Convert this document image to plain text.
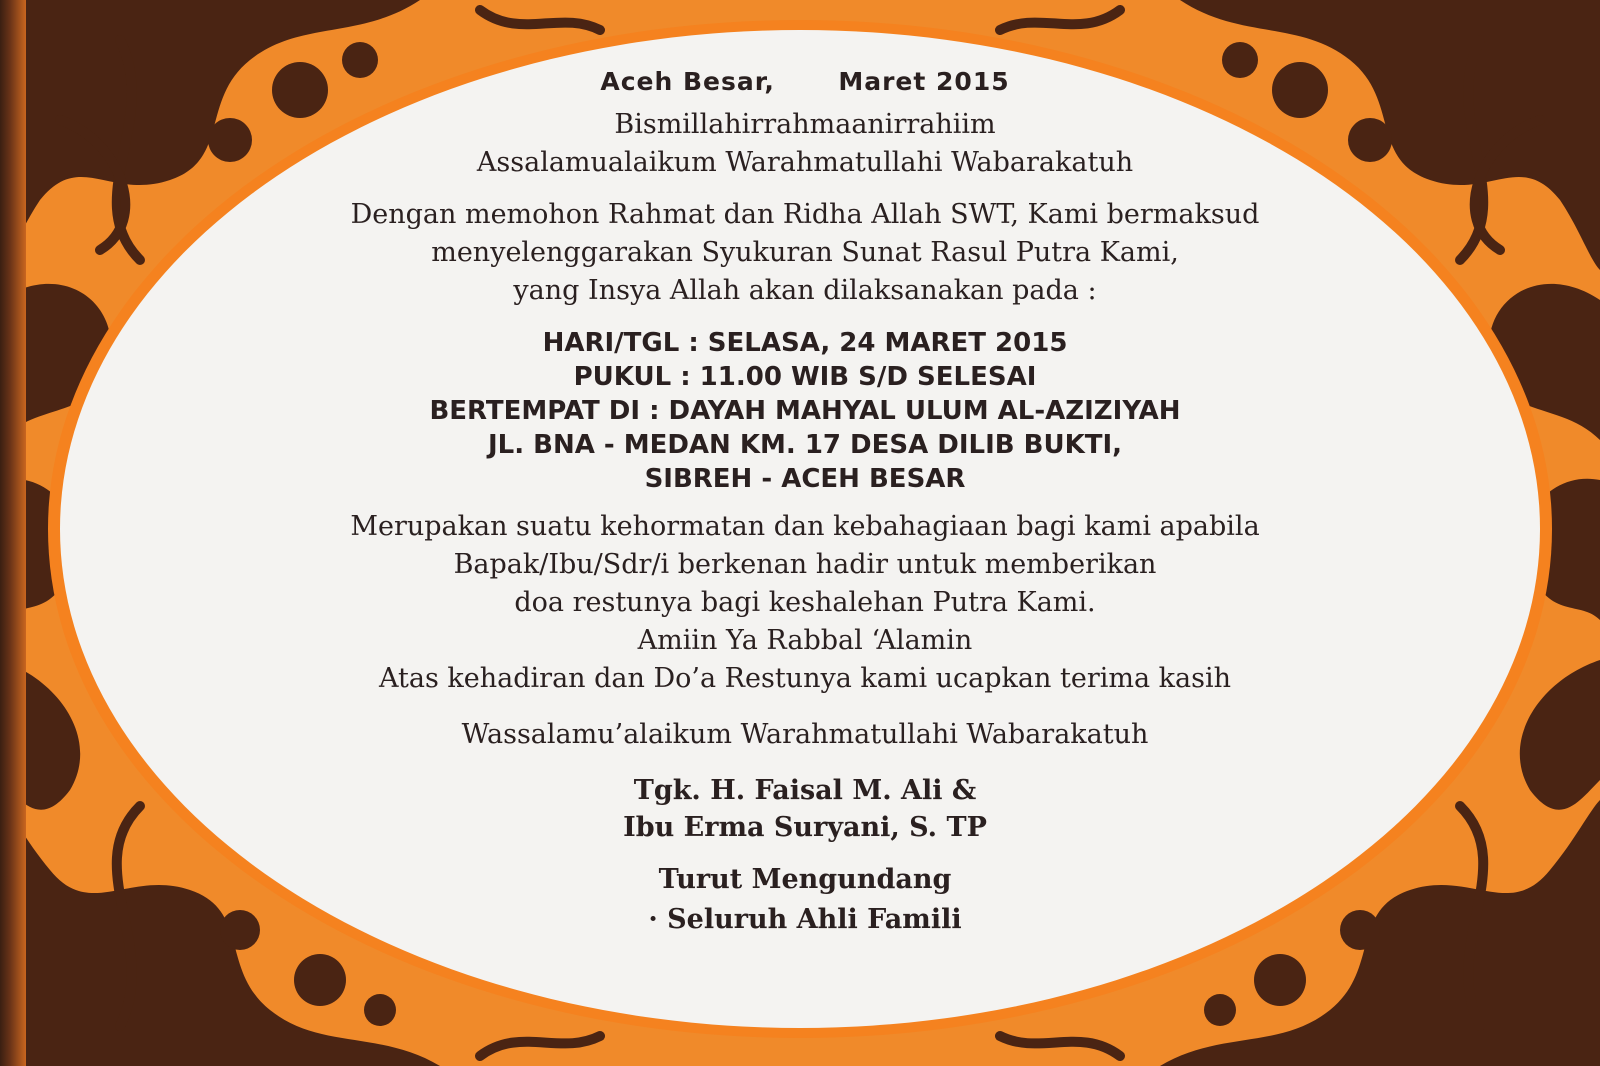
Aceh Besar,	Maret 2015

Bismillahirrahmaanirrahiim

Assalamualaikum Warahmatullahi Wabarakatuh

Dengan memohon Rahmat dan Ridha Allah SWT, Kami bermaksud

menyelenggarakan Syukuran Sunat Rasul Putra Kami,

yang Insya Allah akan dilaksanakan pada :

HARI/TGL : SELASA, 24 MARET 2015
PUKUL : 11.00 WIB S/D SELESAI
BERTEMPAT DI : DAYAH MAHYAL ULUM AL-AZIZIYAH
JL. BNA - MEDAN KM. 17 DESA DILIB BUKTI,
SIBREH - ACEH BESAR

Merupakan suatu kehormatan dan kebahagiaan bagi kami apabila

Bapak/Ibu/Sdr/i berkenan hadir untuk memberikan

doa restunya bagi keshalehan Putra Kami.

Amiin Ya Rabbal ‘Alamin

Atas kehadiran dan Do’a Restunya kami ucapkan terima kasih

Wassalamu’alaikum Warahmatullahi Wabarakatuh

Tgk. H. Faisal M. Ali &
Ibu Erma Suryani, S. TP
Turut Mengundang
· Seluruh Ahli Famili
